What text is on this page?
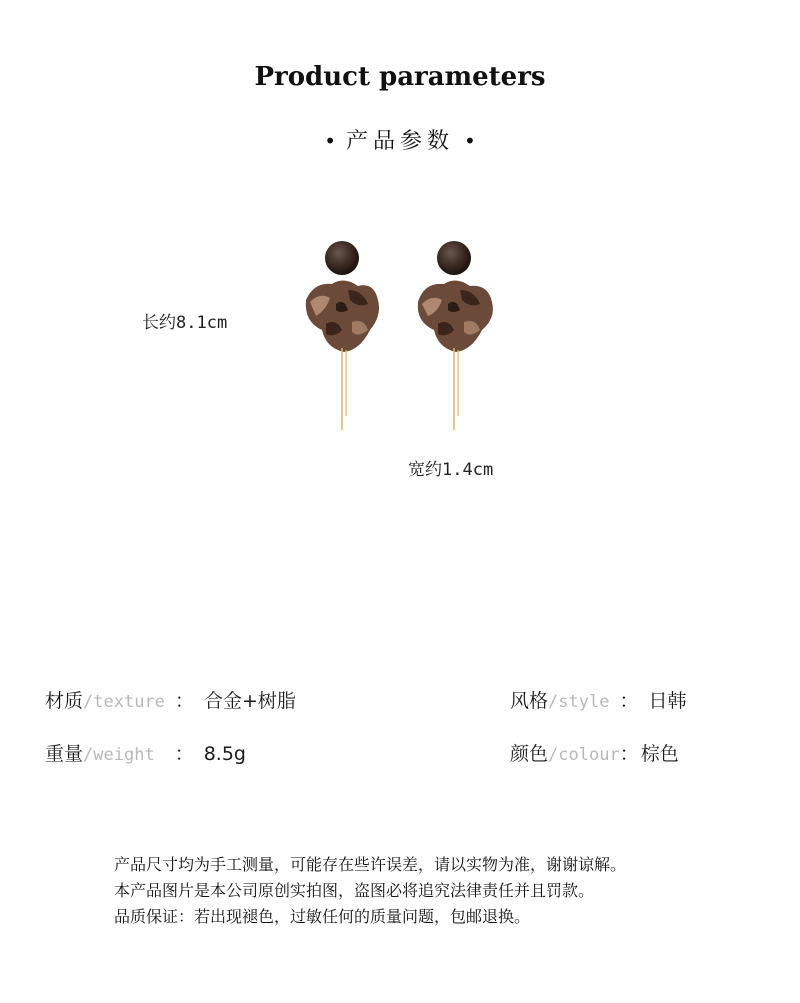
Product parameters
• 产品参数 •
长约8.1cm
宽约1.4cm
材质/texture ： 合金+树脂
重量/weight ： 8.5g
风格/style ： 日韩
颜色/colour： 棕色
产品尺寸均为手工测量，可能存在些许误差，请以实物为准，谢谢谅解。
本产品图片是本公司原创实拍图，盗图必将追究法律责任并且罚款。
品质保证：若出现褪色，过敏任何的质量问题，包邮退换。
